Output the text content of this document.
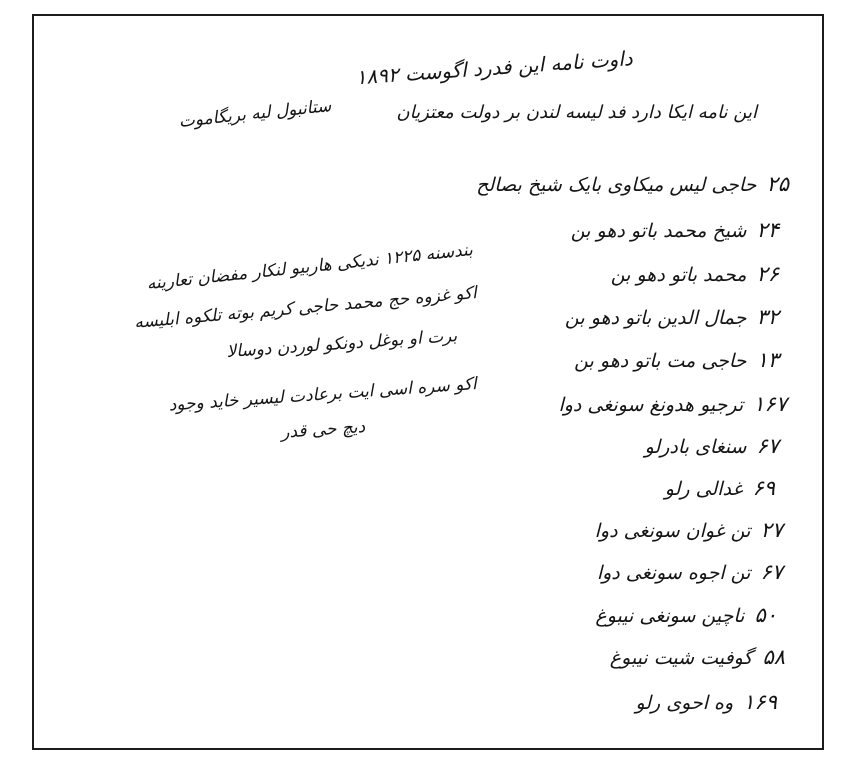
داوت نامه این فدرد اگوست ۱۸۹۲
این نامه ایکا دارد فد لیسه لندن بر دولت معتزیان
ستانبول لیه بریگاموت
بندسنه ۱۲۲۵ ندیکی هاربیو لنکار مفضان تعارینه
اکو غزوه حج محمد حاجی کریم بوته تلکوه ابلیسه
برت او بوغل دونکو لوردن دوسالا
اکو سره اسی ایت برعادت لیسیر خاید وجود
دیچ حی قدر
۲۵
حاجی لیس میکاوی بایک شیخ بصالح
۲۴
شیخ محمد باتو دهو بن
۲۶
محمد باتو دهو بن
۳۲
جمال الدین باتو دهو بن
۱۳
حاجی مت باتو دهو بن
۱۶۷
ترجیو هدونغ سونغی دوا
۶۷
سنغای بادرلو
۶۹
غدالی رلو
۲۷
تن غوان سونغی دوا
۶۷
تن اجوه سونغی دوا
۵۰
ناچین سونغی نیبوغ
۵۸
گوفیت شیت نیبوغ
۱۶۹
وه احوی رلو
